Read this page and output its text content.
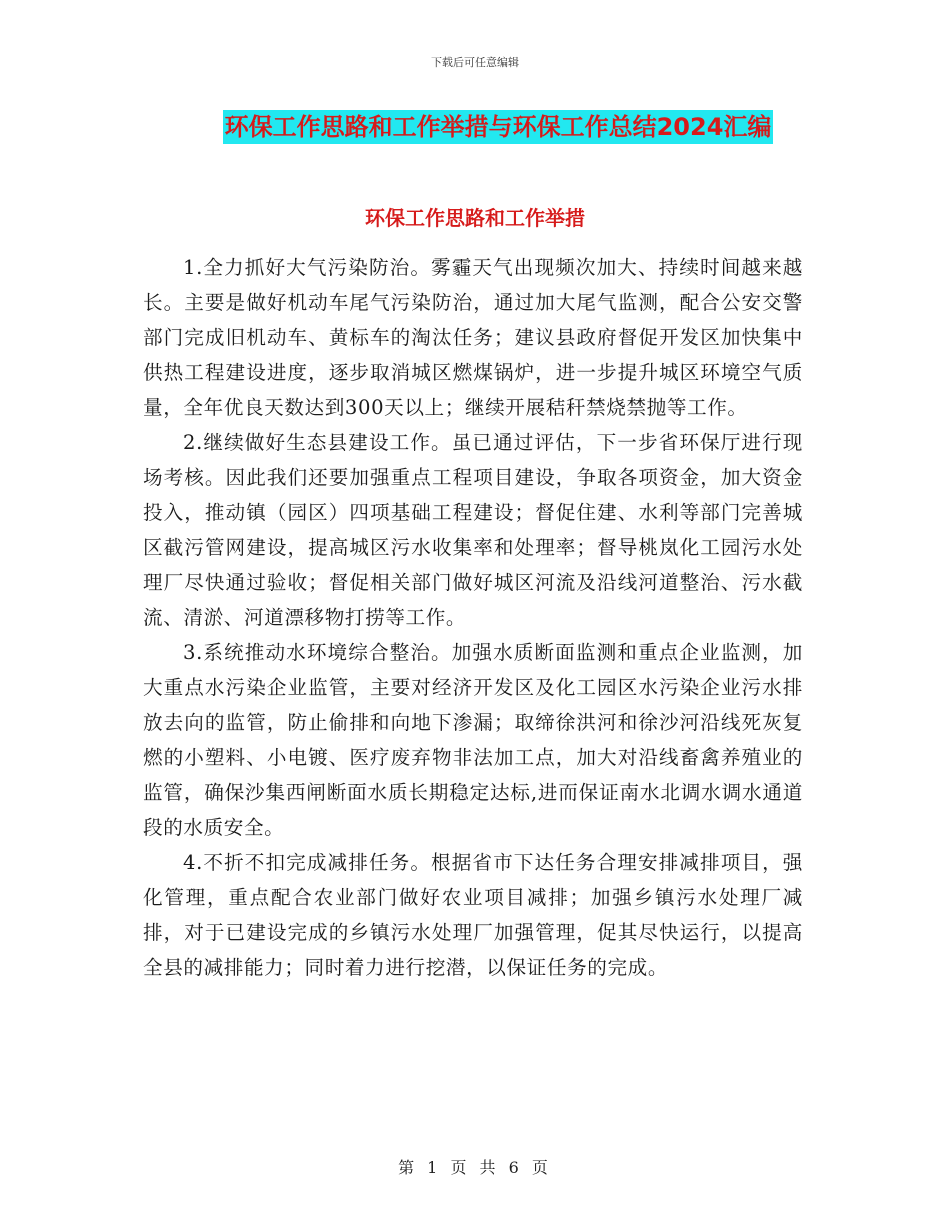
下载后可任意编辑
环保工作思路和工作举措与环保工作总结2024汇编
环保工作思路和工作举措

1.全力抓好大气污染防治。雾霾天气出现频次加大、持续时间越来越长。主要是做好机动车尾气污染防治，通过加大尾气监测，配合公安交警部门完成旧机动车、黄标车的淘汰任务；建议县政府督促开发区加快集中供热工程建设进度，逐步取消城区燃煤锅炉，进一步提升城区环境空气质量，全年优良天数达到300天以上；继续开展秸秆禁烧禁抛等工作。

2.继续做好生态县建设工作。虽已通过评估，下一步省环保厅进行现场考核。因此我们还要加强重点工程项目建设，争取各项资金，加大资金投入，推动镇（园区）四项基础工程建设；督促住建、水利等部门完善城区截污管网建设，提高城区污水收集率和处理率；督导桃岚化工园污水处理厂尽快通过验收；督促相关部门做好城区河流及沿线河道整治、污水截流、清淤、河道漂移物打捞等工作。

3.系统推动水环境综合整治。加强水质断面监测和重点企业监测，加大重点水污染企业监管，主要对经济开发区及化工园区水污染企业污水排放去向的监管，防止偷排和向地下渗漏；取缔徐洪河和徐沙河沿线死灰复燃的小塑料、小电镀、医疗废弃物非法加工点，加大对沿线畜禽养殖业的监管，确保沙集西闸断面水质长期稳定达标,进而保证南水北调水调水通道段的水质安全。

4.不折不扣完成减排任务。根据省市下达任务合理安排减排项目，强化管理，重点配合农业部门做好农业项目减排；加强乡镇污水处理厂减排，对于已建设完成的乡镇污水处理厂加强管理，促其尽快运行，以提高全县的减排能力；同时着力进行挖潜，以保证任务的完成。

第 1 页 共 6 页
